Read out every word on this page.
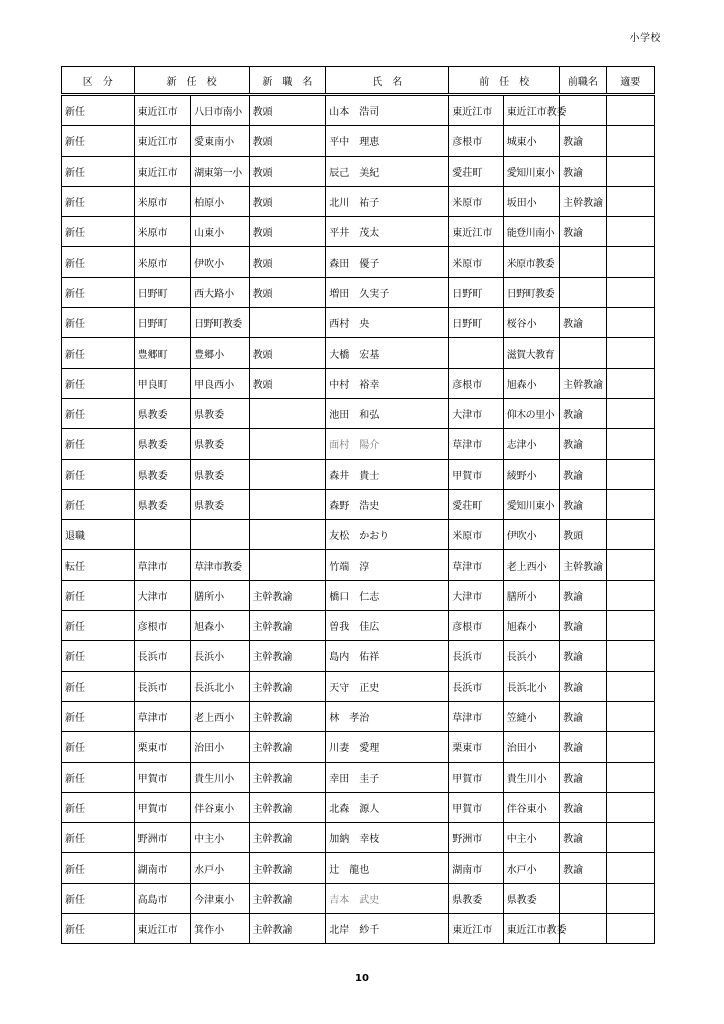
小学校
区　分	新　任　校		新　職　名	氏　名	前　任　校		前職名	適要
新任	東近江市	八日市南小	教頭	山本　浩司	東近江市	東近江市教委		
新任	東近江市	愛東南小	教頭	平中　理恵	彦根市	城東小	教諭	
新任	東近江市	湖東第一小	教頭	辰己　美紀	愛荘町	愛知川東小	教諭	
新任	米原市	柏原小	教頭	北川　祐子	米原市	坂田小	主幹教諭	
新任	米原市	山東小	教頭	平井　茂太	東近江市	能登川南小	教諭	
新任	米原市	伊吹小	教頭	森田　優子	米原市	米原市教委		
新任	日野町	西大路小	教頭	増田　久実子	日野町	日野町教委		
新任	日野町	日野町教委		西村　央	日野町	桜谷小	教諭	
新任	豊郷町	豊郷小	教頭	大橋　宏基		滋賀大教育		
新任	甲良町	甲良西小	教頭	中村　裕幸	彦根市	旭森小	主幹教諭	
新任	県教委	県教委		池田　和弘	大津市	仰木の里小	教諭	
新任	県教委	県教委		面村　陽介	草津市	志津小	教諭	
新任	県教委	県教委		森井　貴士	甲賀市	綾野小	教諭	
新任	県教委	県教委		森野　浩史	愛荘町	愛知川東小	教諭	
退職				友松　かおり	米原市	伊吹小	教頭	
転任	草津市	草津市教委		竹端　淳	草津市	老上西小	主幹教諭	
新任	大津市	膳所小	主幹教諭	橋口　仁志	大津市	膳所小	教諭	
新任	彦根市	旭森小	主幹教諭	曽我　佳広	彦根市	旭森小	教諭	
新任	長浜市	長浜小	主幹教諭	島内　佑祥	長浜市	長浜小	教諭	
新任	長浜市	長浜北小	主幹教諭	天守　正史	長浜市	長浜北小	教諭	
新任	草津市	老上西小	主幹教諭	林　孝治	草津市	笠縫小	教諭	
新任	栗東市	治田小	主幹教諭	川妻　愛理	栗東市	治田小	教諭	
新任	甲賀市	貴生川小	主幹教諭	幸田　圭子	甲賀市	貴生川小	教諭	
新任	甲賀市	伴谷東小	主幹教諭	北森　源人	甲賀市	伴谷東小	教諭	
新任	野洲市	中主小	主幹教諭	加納　幸枝	野洲市	中主小	教諭	
新任	湖南市	水戸小	主幹教諭	辻　龍也	湖南市	水戸小	教諭	
新任	高島市	今津東小	主幹教諭	吉本　武史	県教委	県教委		
新任	東近江市	箕作小	主幹教諭	北岸　紗千	東近江市	東近江市教委		
10
